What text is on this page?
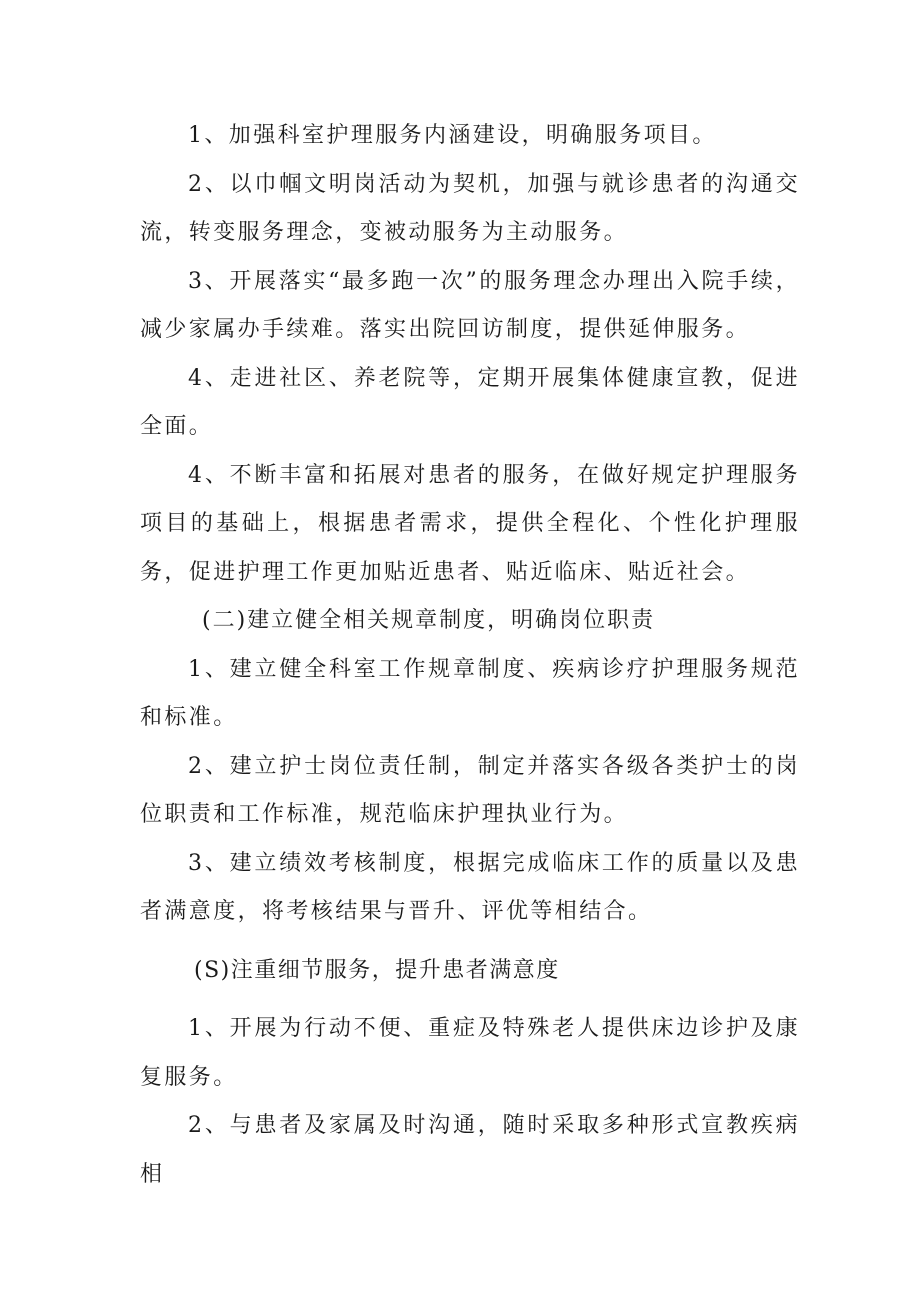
1、加强科室护理服务内涵建设，明确服务项目。

2、以巾帼文明岗活动为契机，加强与就诊患者的沟通交流，转变服务理念，变被动服务为主动服务。

3、开展落实“最多跑一次”的服务理念办理出入院手续，减少家属办手续难。落实出院回访制度，提供延伸服务。

4、走进社区、养老院等，定期开展集体健康宣教，促进全面。

4、不断丰富和拓展对患者的服务，在做好规定护理服务项目的基础上，根据患者需求，提供全程化、个性化护理服务，促进护理工作更加贴近患者、贴近临床、贴近社会。

(二)建立健全相关规章制度，明确岗位职责

1、建立健全科室工作规章制度、疾病诊疗护理服务规范和标准。

2、建立护士岗位责任制，制定并落实各级各类护士的岗位职责和工作标准，规范临床护理执业行为。

3、建立绩效考核制度，根据完成临床工作的质量以及患者满意度，将考核结果与晋升、评优等相结合。

(S)注重细节服务，提升患者满意度

1、开展为行动不便、重症及特殊老人提供床边诊护及康复服务。

2、与患者及家属及时沟通，随时采取多种形式宣教疾病相
